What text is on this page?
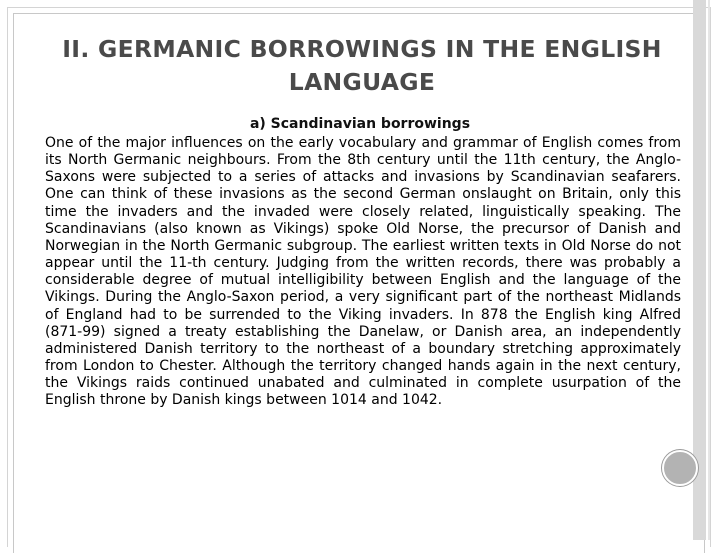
II. GERMANIC BORROWINGS IN THE ENGLISH LANGUAGE

a) Scandinavian borrowings

One of the major influences on the early vocabulary and grammar of English comes from its North Germanic neighbours. From the 8th century until the 11th century, the Anglo-Saxons were subjected to a series of attacks and invasions by Scandinavian seafarers. One can think of these invasions as the second German onslaught on Britain, only this time the invaders and the invaded were closely related, linguistically speaking. The Scandinavians (also known as Vikings) spoke Old Norse, the precursor of Danish and Norwegian in the North Germanic subgroup. The earliest written texts in Old Norse do not appear until the 11-th century. Judging from the written records, there was probably a considerable degree of mutual intelligibility between English and the language of the Vikings. During the Anglo-Saxon period, a very significant part of the northeast Midlands of England had to be surrended to the Viking invaders. In 878 the English king Alfred (871-99) signed a treaty establishing the Danelaw, or Danish area, an independently administered Danish territory to the northeast of a boundary stretching approximately from London to Chester. Although the territory changed hands again in the next century, the Vikings raids continued unabated and culminated in complete usurpation of the English throne by Danish kings between 1014 and 1042.
